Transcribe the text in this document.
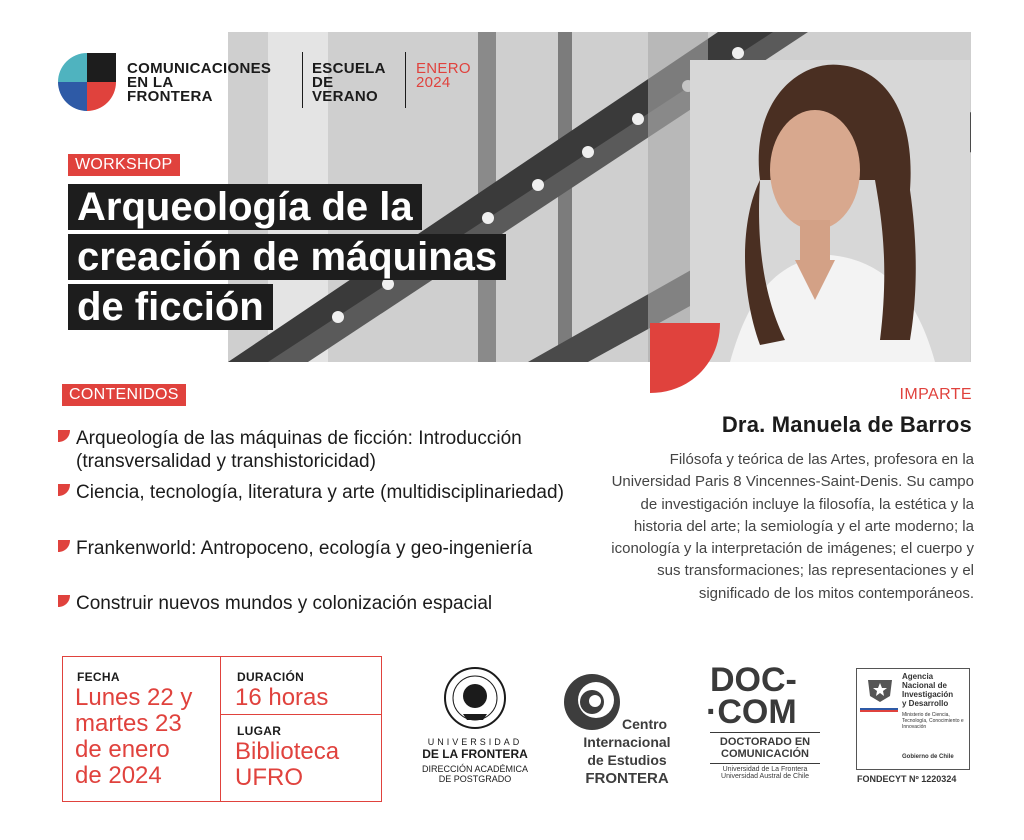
COMUNICACIONES
EN LA
FRONTERA
ESCUELA
DE
VERANO
ENERO
2024
WORKSHOP
Arqueología de la
creación de máquinas
de ficción
CONTENIDOS
Arqueología de las máquinas de ficción: Introducción (transversalidad y transhistoricidad)
Ciencia, tecnología, literatura y arte (multidisciplinariedad)
Frankenworld: Antropoceno, ecología y geo-ingeniería
Construir nuevos mundos y colonización espacial
IMPARTE
Dra. Manuela de Barros
Filósofa y teórica de las Artes, profesora en la Universidad Paris 8 Vincennes-Saint-Denis. Su campo de investigación incluye la filosofía, la estética y la historia del arte; la semiología y el arte moderno; la iconología y la interpretación de imágenes; el cuerpo y sus transformaciones; las representaciones y el significado de los mitos contemporáneos.
FECHA
Lunes 22 y
martes 23
de enero
de 2024
DURACIÓN
16 horas
LUGAR
Biblioteca
UFRO
UNIVERSIDAD
DE LA FRONTERA
DIRECCIÓN ACADÉMICA
DE POSTGRADO
Centro
Internacional
de Estudios
FRONTERA
DOC-
·COM
DOCTORADO EN
COMUNICACIÓN
Universidad de La Frontera
Universidad Austral de Chile
Agencia
Nacional de
Investigación
y Desarrollo
Ministerio de Ciencia, Tecnología, Conocimiento e Innovación
Gobierno de Chile
FONDECYT Nº 1220324
